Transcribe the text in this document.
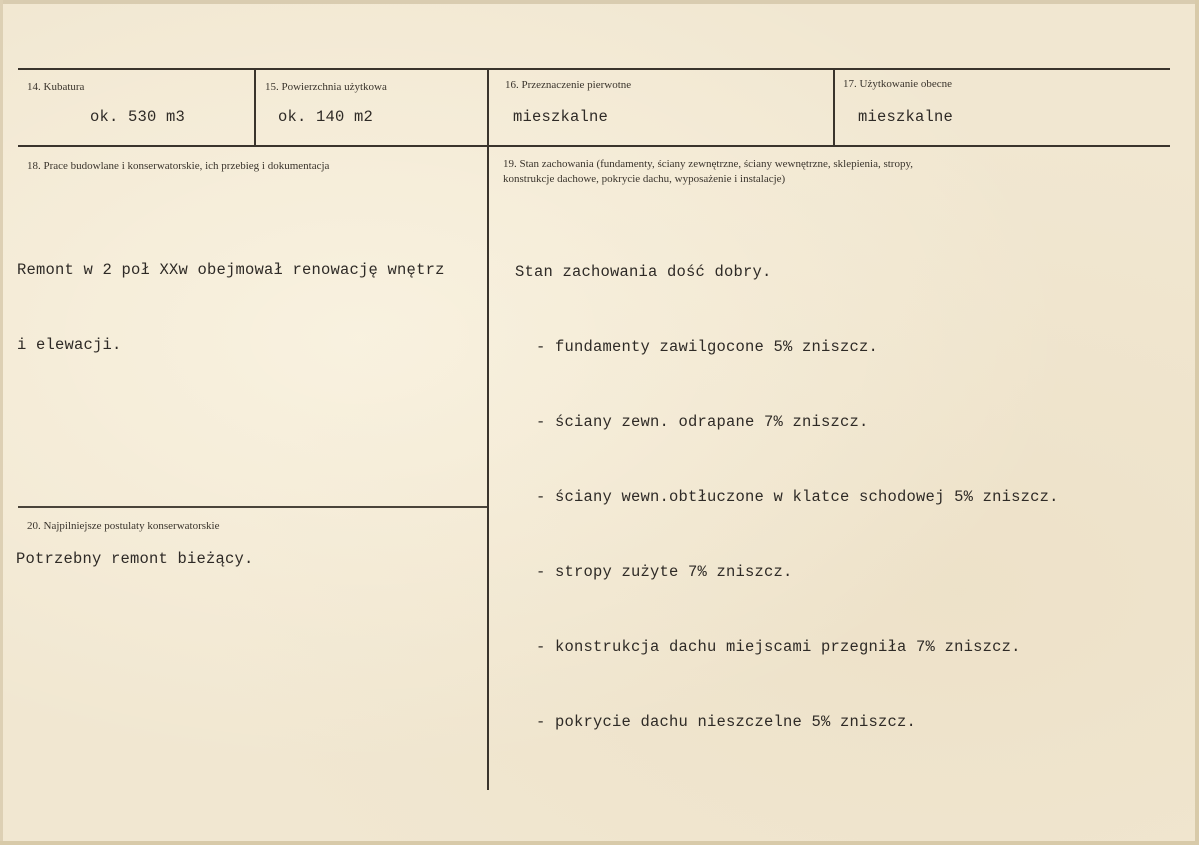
14. Kubatura
ok. 530 m3
15. Powierzchnia użytkowa
ok. 140 m2
16. Przeznaczenie pierwotne
mieszkalne
17. Użytkowanie obecne
mieszkalne
18. Prace budowlane i konserwatorskie, ich przebieg i dokumentacja

Remont w 2 poł XXw obejmował renowację wnętrz

i elewacji.

19. Stan zachowania (fundamenty, ściany zewnętrzne, ściany wewnętrzne, sklepienia, stropy,
konstrukcje dachowe, pokrycie dachu, wyposażenie i instalacje)

Stan zachowania dość dobry.

- fundamenty zawilgocone 5% zniszcz.

- ściany zewn. odrapane 7% zniszcz.

- ściany wewn.obtłuczone w klatce schodowej 5% zniszcz.

- stropy zużyte 7% zniszcz.

- konstrukcja dachu miejscami przegniła 7% zniszcz.

- pokrycie dachu nieszczelne 5% zniszcz.

20. Najpilniejsze postulaty konserwatorskie
Potrzebny remont bieżący.
